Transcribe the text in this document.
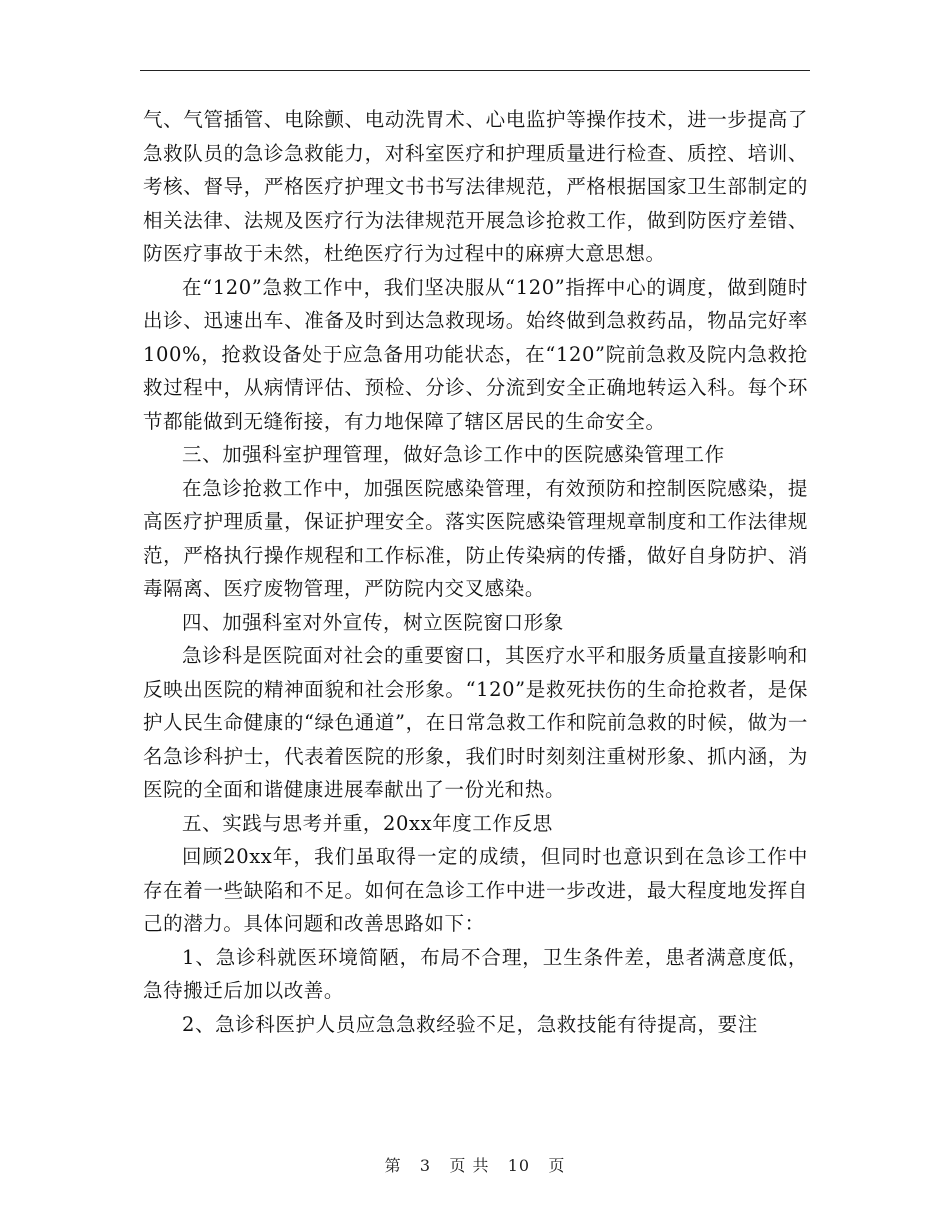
气、气管插管、电除颤、电动洗胃术、心电监护等操作技术，进一步提高了急救队员的急诊急救能力，对科室医疗和护理质量进行检查、质控、培训、考核、督导，严格医疗护理文书书写法律规范，严格根据国家卫生部制定的相关法律、法规及医疗行为法律规范开展急诊抢救工作，做到防医疗差错、防医疗事故于未然，杜绝医疗行为过程中的麻痹大意思想。

在“120”急救工作中，我们坚决服从“120”指挥中心的调度，做到随时出诊、迅速出车、准备及时到达急救现场。始终做到急救药品，物品完好率100%，抢救设备处于应急备用功能状态，在“120”院前急救及院内急救抢救过程中，从病情评估、预检、分诊、分流到安全正确地转运入科。每个环节都能做到无缝衔接，有力地保障了辖区居民的生命安全。

三、加强科室护理管理，做好急诊工作中的医院感染管理工作

在急诊抢救工作中，加强医院感染管理，有效预防和控制医院感染，提高医疗护理质量，保证护理安全。落实医院感染管理规章制度和工作法律规范，严格执行操作规程和工作标准，防止传染病的传播，做好自身防护、消毒隔离、医疗废物管理，严防院内交叉感染。

四、加强科室对外宣传，树立医院窗口形象

急诊科是医院面对社会的重要窗口，其医疗水平和服务质量直接影响和反映出医院的精神面貌和社会形象。“120”是救死扶伤的生命抢救者，是保护人民生命健康的“绿色通道”，在日常急救工作和院前急救的时候，做为一名急诊科护士，代表着医院的形象，我们时时刻刻注重树形象、抓内涵，为医院的全面和谐健康进展奉献出了一份光和热。

五、实践与思考并重，20xx年度工作反思

回顾20xx年，我们虽取得一定的成绩，但同时也意识到在急诊工作中存在着一些缺陷和不足。如何在急诊工作中进一步改进，最大程度地发挥自己的潜力。具体问题和改善思路如下：

1、急诊科就医环境简陋，布局不合理，卫生条件差，患者满意度低，急待搬迁后加以改善。

2、急诊科医护人员应急急救经验不足，急救技能有待提高，要注

第 3 页 共 10 页
